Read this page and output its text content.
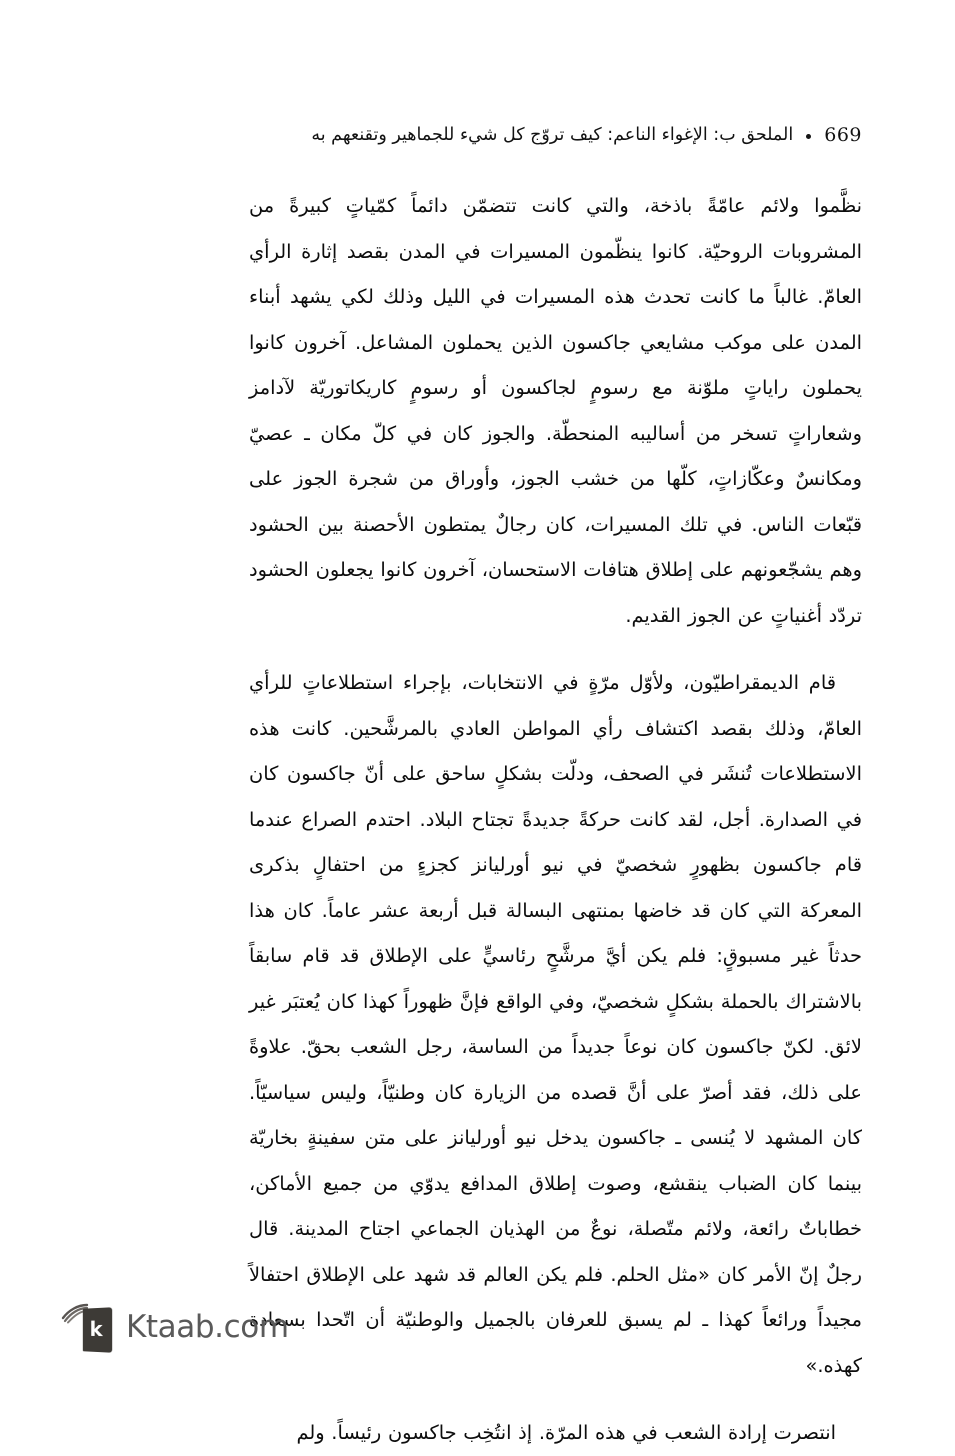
669
الملحق ب: الإغواء الناعم: كيف تروّج كل شيء للجماهير وتقنعهم به

نظَّموا ولائم عامّةً باذخة، والتي كانت تتضمّن دائماً كمّياتٍ كبيرةً من المشروبات الروحيّة. كانوا ينظّمون المسيرات في المدن بقصد إثارة الرأي العامّ. غالباً ما كانت تحدث هذه المسيرات في الليل وذلك لكي يشهد أبناء المدن على موكب مشايعي جاكسون الذين يحملون المشاعل. آخرون كانوا يحملون راياتٍ ملوّنة مع رسومٍ لجاكسون أو رسومٍ كاريكاتوريّة لآدامز وشعاراتٍ تسخر من أساليبه المنحطّة. والجوز كان في كلّ مكان ـ عصيّ ومكانسٌ وعكّازاتٍ، كلّها من خشب الجوز، وأوراق من شجرة الجوز على قبّعات الناس. في تلك المسيرات، كان رجالٌ يمتطون الأحصنة بين الحشود وهم يشجّعونهم على إطلاق هتافات الاستحسان، آخرون كانوا يجعلون الحشود تردّد أغنياتٍ عن الجوز القديم.

قام الديمقراطيّون، ولأوّل مرّةٍ في الانتخابات، بإجراء استطلاعاتٍ للرأي العامّ، وذلك بقصد اكتشاف رأي المواطن العادي بالمرشَّحين. كانت هذه الاستطلاعات تُنشَر في الصحف، ودلّت بشكلٍ ساحق على أنّ جاكسون كان في الصدارة. أجل، لقد كانت حركةً جديدةً تجتاح البلاد. احتدم الصراع عندما قام جاكسون بظهورٍ شخصيّ في نيو أورليانز كجزءٍ من احتفالٍ بذكرى المعركة التي كان قد خاضها بمنتهى البسالة قبل أربعة عشر عاماً. كان هذا حدثاً غير مسبوقٍ: فلم يكن أيَّ مرشَّحٍ رئاسيٍّ على الإطلاق قد قام سابقاً بالاشتراك بالحملة بشكلٍ شخصيّ، وفي الواقع فإنَّ ظهوراً كهذا كان يُعتبَر غير لائق. لكنّ جاكسون كان نوعاً جديداً من الساسة، رجل الشعب بحقّ. علاوةً على ذلك، فقد أصرّ على أنَّ قصده من الزيارة كان وطنيّاً، وليس سياسيّاً. كان المشهد لا يُنسى ـ جاكسون يدخل نيو أورليانز على متن سفينةٍ بخاريّة بينما كان الضباب ينقشع، وصوت إطلاق المدافع يدوّي من جميع الأماكن، خطاباتٌ رائعة، ولائم متّصلة، نوعٌ من الهذيان الجماعي اجتاح المدينة. قال رجلٌ إنّ الأمر كان «مثل الحلم. فلم يكن العالم قد شهد على الإطلاق احتفالاً مجيداً ورائعاً كهذا ـ لم يسبق للعرفان بالجميل والوطنيّة أن اتّحدا بسعادة كهذه.»

انتصرت إرادة الشعب في هذه المرّة. إذ انتُخِب جاكسون رئيساً. ولم

k Ktaab.com
